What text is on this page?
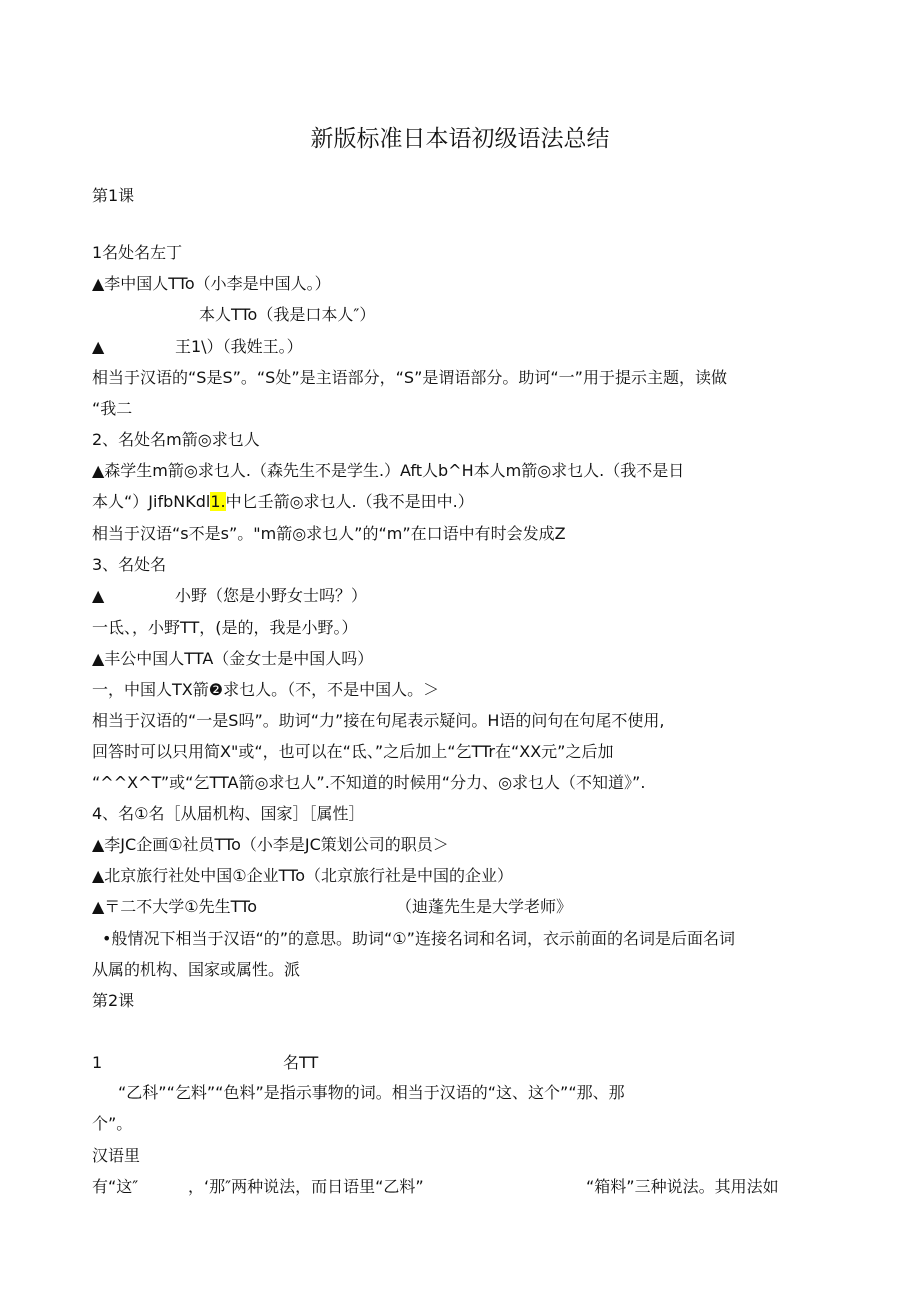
新版标准日本语初级语法总结
第1课
1名处名左丁
▲李中国人TTo（小李是中国人。）
本人TTo（我是口本人″）
▲	王1\）（我姓王。）
相当于汉语的“S是S”。“S处”是主语部分，“S”是谓语部分。助诃“一”用于提示主题，读做
“我二
2、名处名m箭◎求乜人
▲森学生m箭◎求乜人.（森先生不是学生.）Aft人b^H本人m箭◎求乜人.（我不是日
本人“）JifbNKdl1.中匕壬箭◎求乜人.（我不是田中.）
相当于汉语“s不是s”。"m箭◎求乜人”的“m”在口语中有时会发成Z
3、名处名
▲	小野（您是小野女士吗？）
一氐、，小野TT，(是的，我是小野。）
▲丰公中国人TTA（金女士是中国人吗）
一，中国人TX箭❷求乜人。（不，不是中国人。＞
相当于汉语的“一是S吗”。助诃“力”接在句尾表示疑问。H语的问句在句尾不使用,
回答时可以只用简X"或“，也可以在“氐、”之后加上“乞TTr在“XX元”之后加
“^^X^T”或“乞TTA箭◎求乜人”.不知道的时候用“分力、◎求乜人（不知道》”.
4、名①名［从届机构、国家］［属性］
▲李JC企画①社员TTo（小李是JC策划公司的职员＞
▲北京旅行社处中国①企业TTo（北京旅行社是中国的企业）
▲〒二不大学①先生TTo	（迪蓬先生是大学老师》
•般情况下相当于汉语“的”的意思。助词“①”连接名词和名词，衣示前面的名词是后面名词
从属的机构、国家或属性。派
第2课
1	名TT
“乙科”“乞料”“色料”是指示事物的词。相当于汉语的“这、这个”“那、那
个”。
汉语里
有“这″	，‘那″两种说法，而日语里“乙料”	“箱料”三种说法。其用法如
